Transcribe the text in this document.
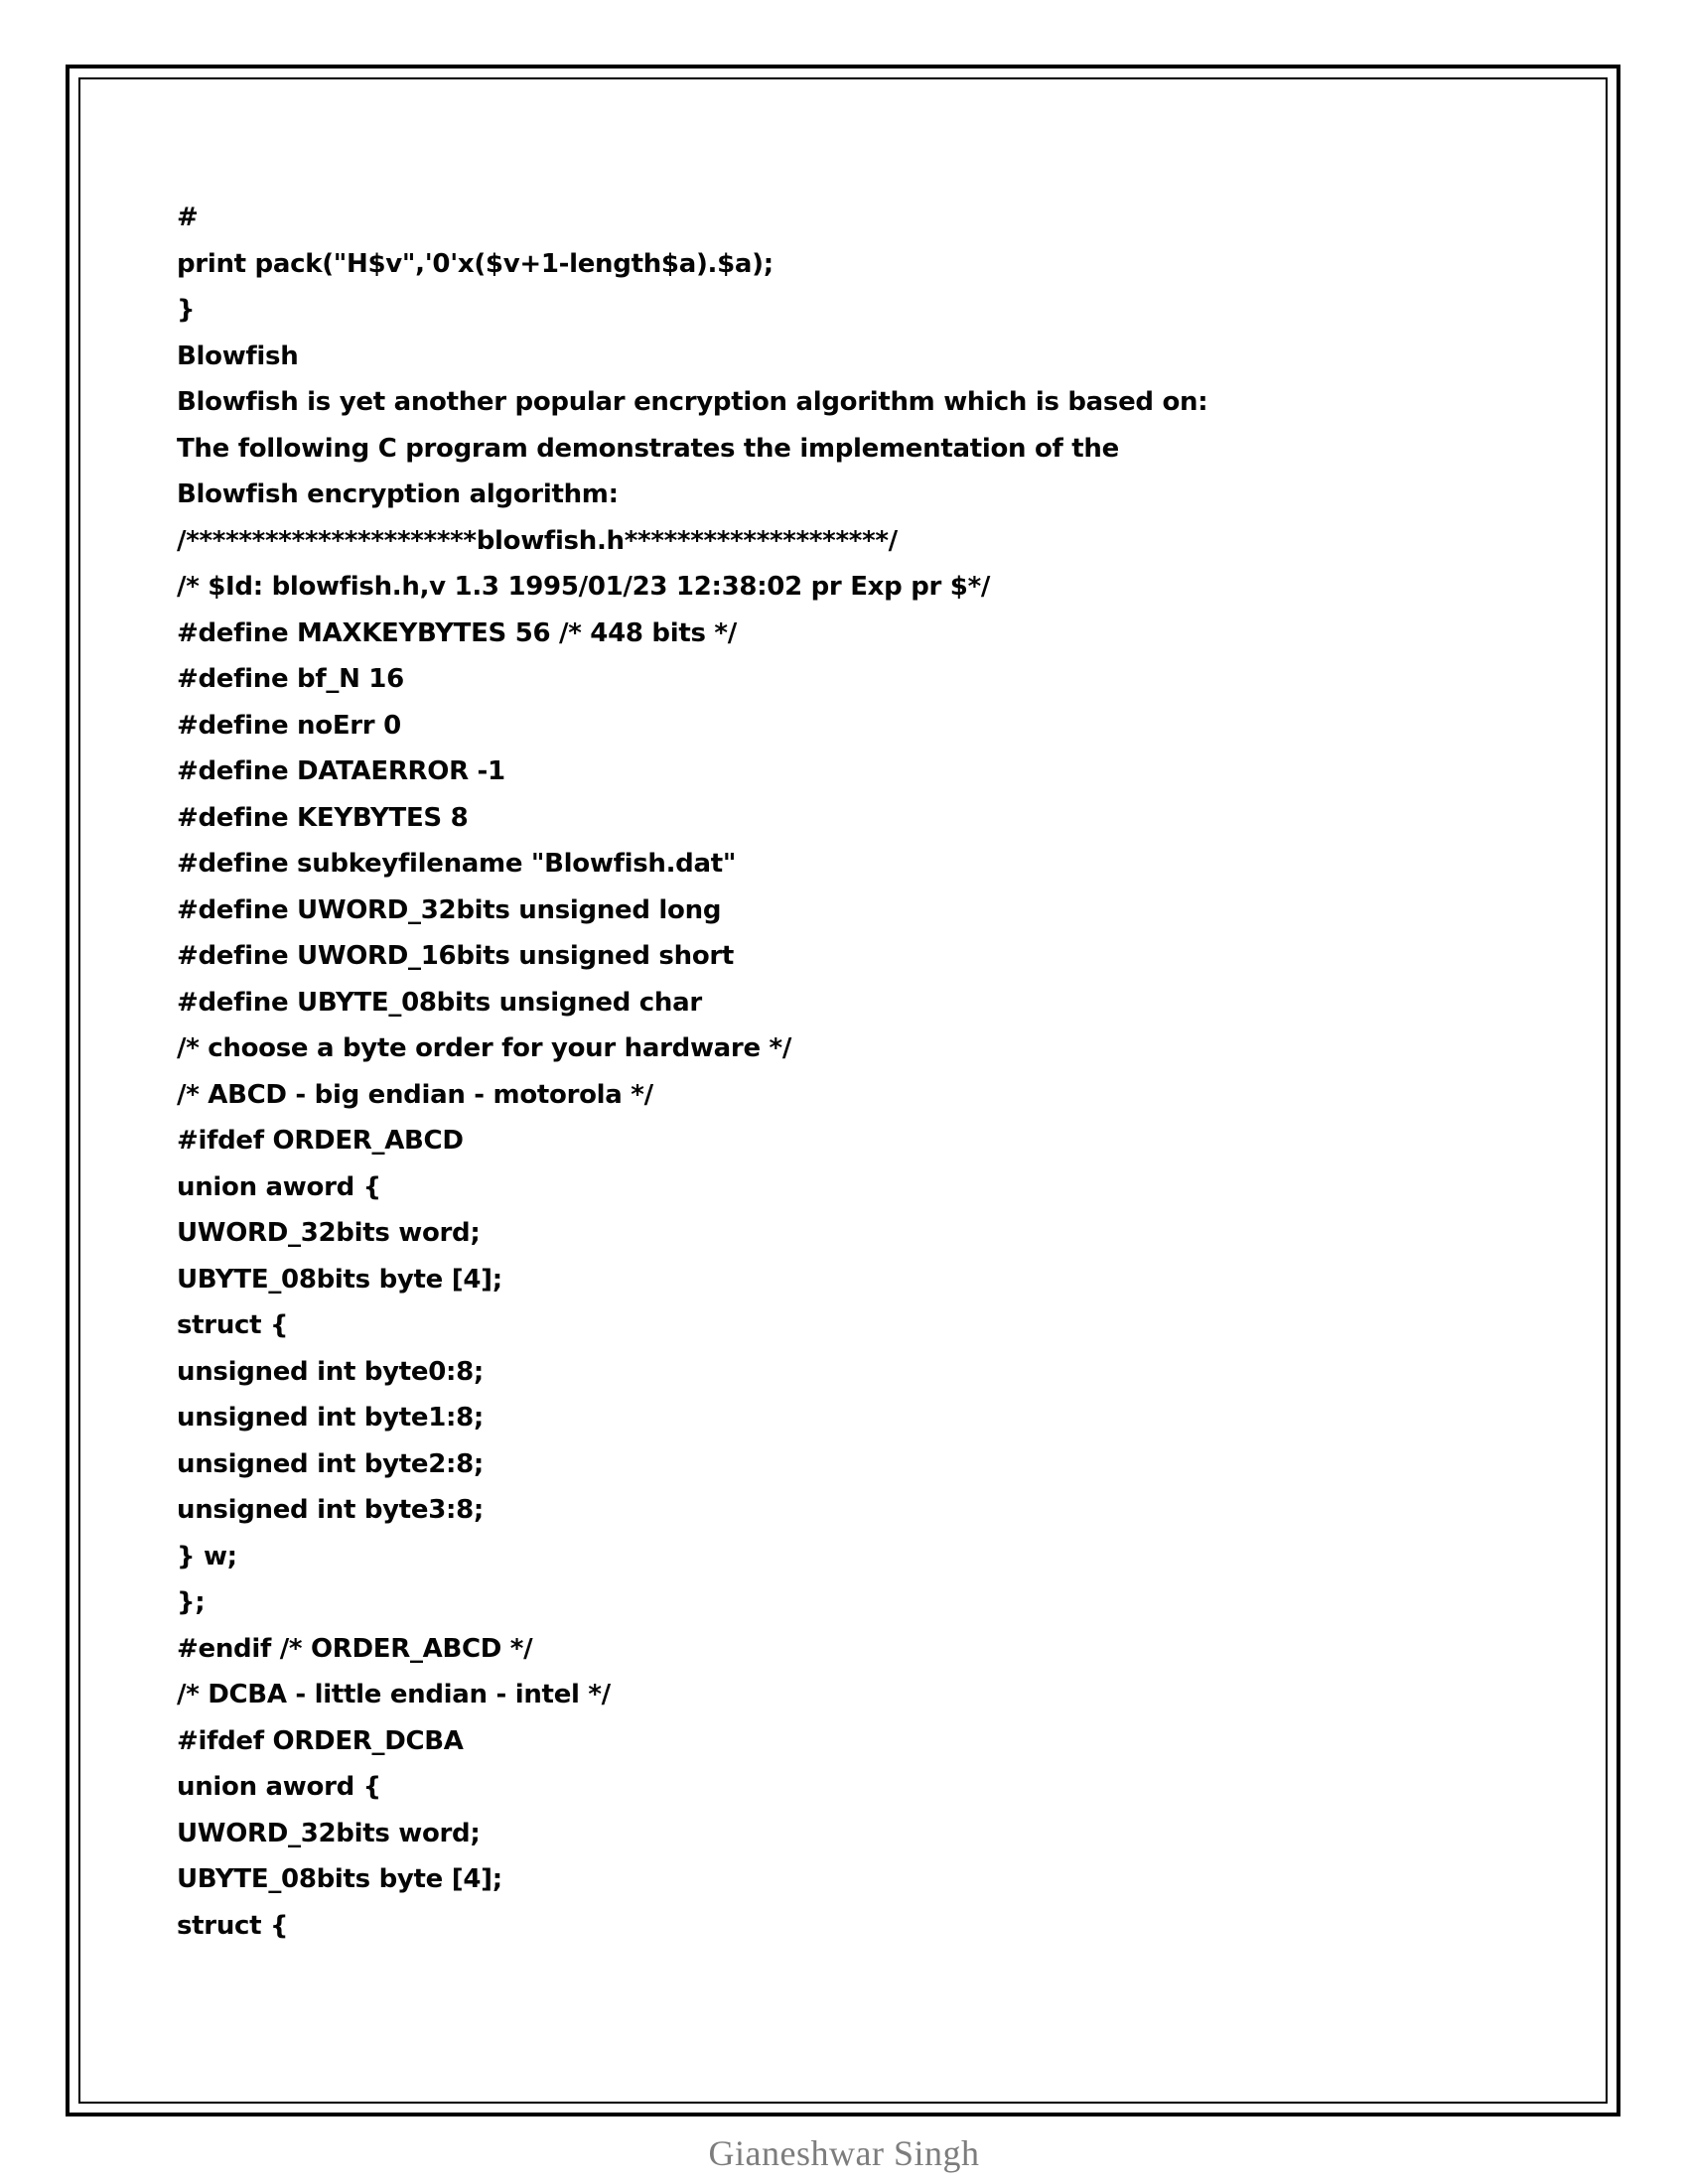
#
print pack("H$v",'0'x($v+1-length$a).$a);
}
Blowfish
Blowfish is yet another popular encryption algorithm which is based on:
The following C program demonstrates the implementation of the
Blowfish encryption algorithm:
/**********************blowfish.h********************/
/* $Id: blowfish.h,v 1.3 1995/01/23 12:38:02 pr Exp pr $*/
#define MAXKEYBYTES 56 /* 448 bits */
#define bf_N 16
#define noErr 0
#define DATAERROR -1
#define KEYBYTES 8
#define subkeyfilename "Blowfish.dat"
#define UWORD_32bits unsigned long
#define UWORD_16bits unsigned short
#define UBYTE_08bits unsigned char
/* choose a byte order for your hardware */
/* ABCD - big endian - motorola */
#ifdef ORDER_ABCD
union aword {
UWORD_32bits word;
UBYTE_08bits byte [4];
struct {
unsigned int byte0:8;
unsigned int byte1:8;
unsigned int byte2:8;
unsigned int byte3:8;
} w;
};
#endif /* ORDER_ABCD */
/* DCBA - little endian - intel */
#ifdef ORDER_DCBA
union aword {
UWORD_32bits word;
UBYTE_08bits byte [4];
struct {
Gianeshwar Singh
